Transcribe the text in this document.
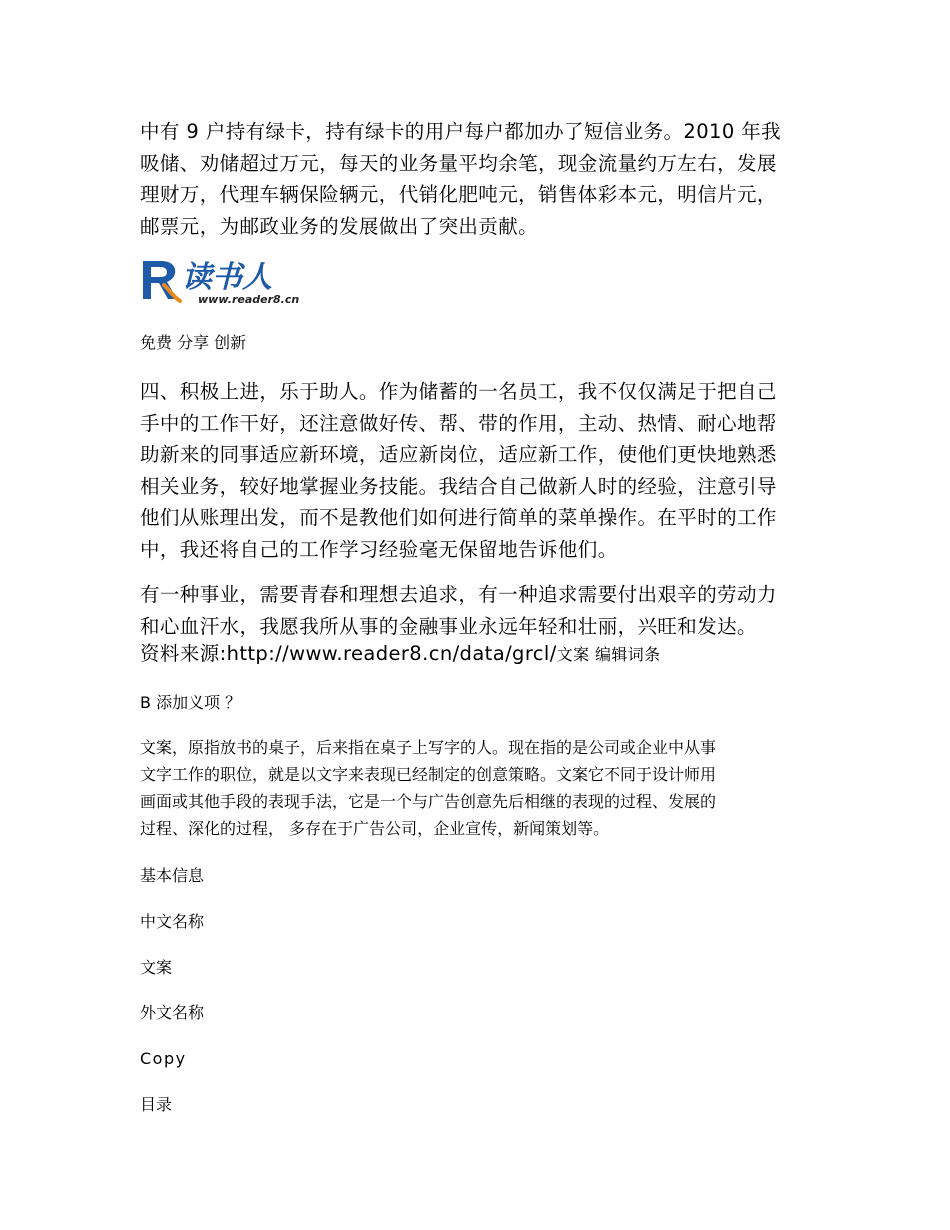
中有 9 户持有绿卡，持有绿卡的用户每户都加办了短信业务。2010 年我
吸储、劝储超过万元，每天的业务量平均余笔，现金流量约万左右，发展
理财万，代理车辆保险辆元，代销化肥吨元，销售体彩本元，明信片元，
邮票元，为邮政业务的发展做出了突出贡献。
读书人
www.reader8.cn
免费 分享 创新
四、积极上进，乐于助人。作为储蓄的一名员工，我不仅仅满足于把自己
手中的工作干好，还注意做好传、帮、带的作用，主动、热情、耐心地帮
助新来的同事适应新环境，适应新岗位，适应新工作，使他们更快地熟悉
相关业务，较好地掌握业务技能。我结合自己做新人时的经验，注意引导
他们从账理出发，而不是教他们如何进行简单的菜单操作。在平时的工作
中，我还将自己的工作学习经验毫无保留地告诉他们。
有一种事业，需要青春和理想去追求，有一种追求需要付出艰辛的劳动力
和心血汗水，我愿我所从事的金融事业永远年轻和壮丽，兴旺和发达。
资料来源:http://www.reader8.cn/data/grcl/文案 编辑词条
B 添加义项 ？
文案，原指放书的桌子，后来指在桌子上写字的人。现在指的是公司或企业中从事
文字工作的职位，就是以文字来表现已经制定的创意策略。文案它不同于设计师用
画面或其他手段的表现手法，它是一个与广告创意先后相继的表现的过程、发展的
过程、深化的过程， 多存在于广告公司，企业宣传，新闻策划等。
基本信息
中文名称
文案
外文名称
Copy
目录
